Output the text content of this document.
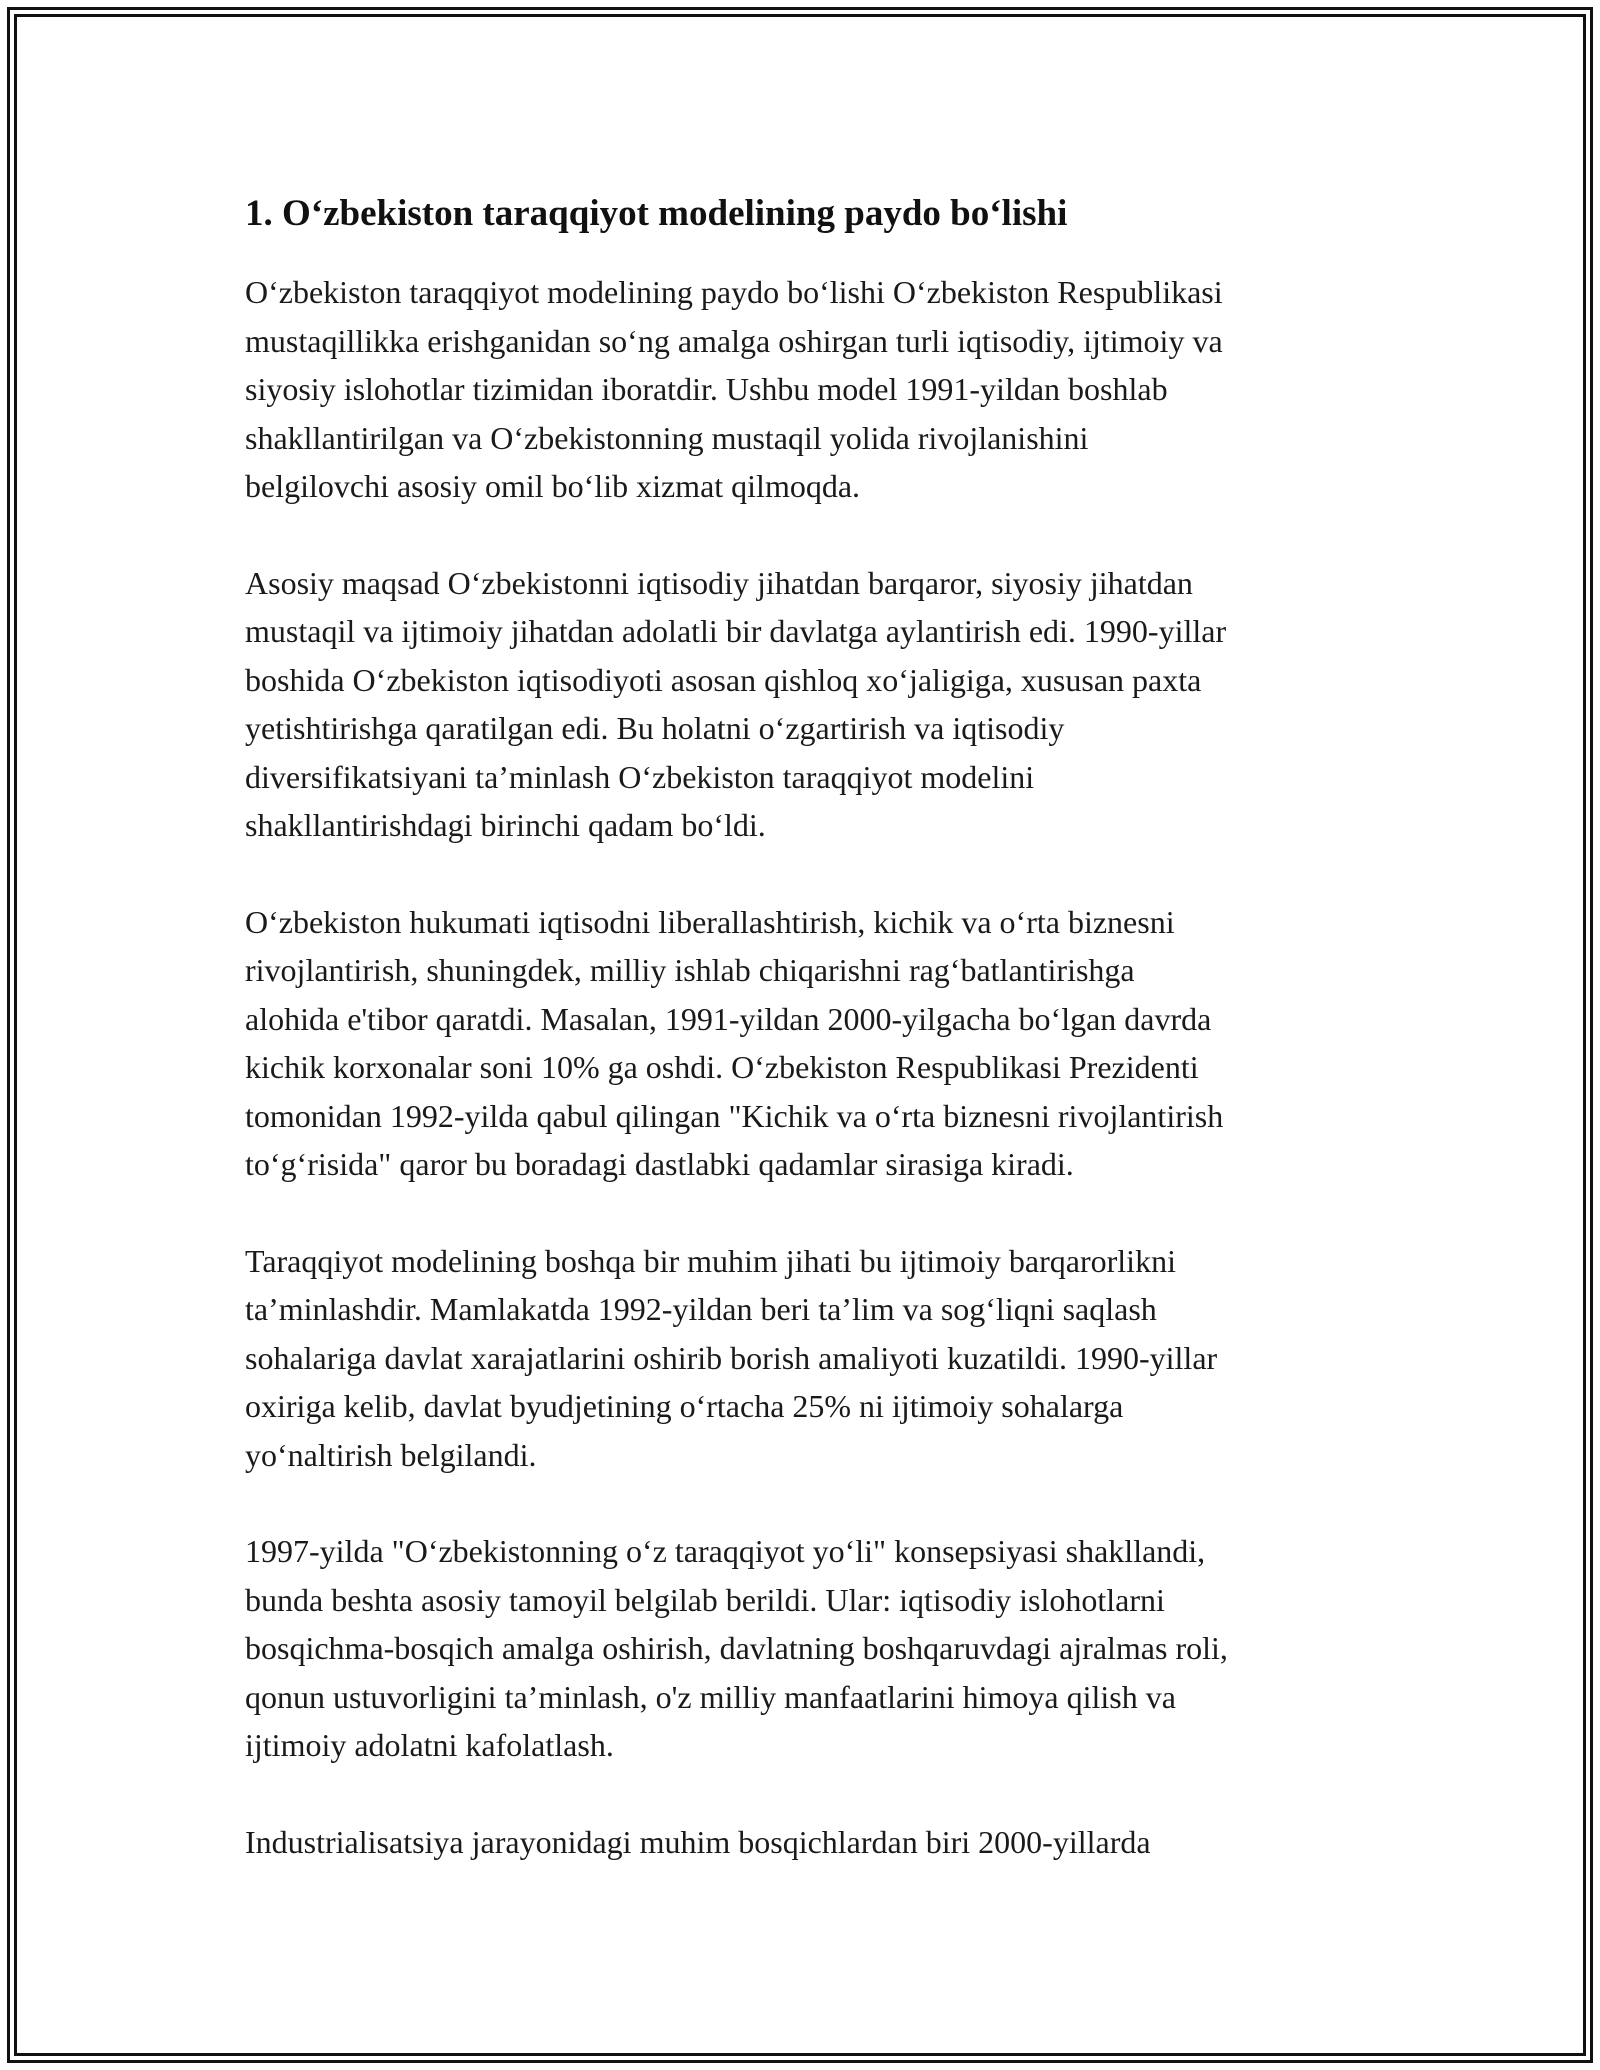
1. Oʻzbekiston taraqqiyot modelining paydo boʻlishi

Oʻzbekiston taraqqiyot modelining paydo boʻlishi Oʻzbekiston Respublikasi
mustaqillikka erishganidan soʻng amalga oshirgan turli iqtisodiy, ijtimoiy va
siyosiy islohotlar tizimidan iboratdir. Ushbu model 1991-yildan boshlab
shakllantirilgan va Oʻzbekistonning mustaqil yolida rivojlanishini
belgilovchi asosiy omil boʻlib xizmat qilmoqda.

Asosiy maqsad Oʻzbekistonni iqtisodiy jihatdan barqaror, siyosiy jihatdan
mustaqil va ijtimoiy jihatdan adolatli bir davlatga aylantirish edi. 1990-yillar
boshida Oʻzbekiston iqtisodiyoti asosan qishloq xoʻjaligiga, xususan paxta
yetishtirishga qaratilgan edi. Bu holatni oʻzgartirish va iqtisodiy
diversifikatsiyani taʼminlash Oʻzbekiston taraqqiyot modelini
shakllantirishdagi birinchi qadam boʻldi.

Oʻzbekiston hukumati iqtisodni liberallashtirish, kichik va oʻrta biznesni
rivojlantirish, shuningdek, milliy ishlab chiqarishni ragʻbatlantirishga
alohida e'tibor qaratdi. Masalan, 1991-yildan 2000-yilgacha boʻlgan davrda
kichik korxonalar soni 10% ga oshdi. Oʻzbekiston Respublikasi Prezidenti
tomonidan 1992-yilda qabul qilingan "Kichik va oʻrta biznesni rivojlantirish
toʻgʻrisida" qaror bu boradagi dastlabki qadamlar sirasiga kiradi.

Taraqqiyot modelining boshqa bir muhim jihati bu ijtimoiy barqarorlikni
taʼminlashdir. Mamlakatda 1992-yildan beri taʼlim va sogʻliqni saqlash
sohalariga davlat xarajatlarini oshirib borish amaliyoti kuzatildi. 1990-yillar
oxiriga kelib, davlat byudjetining oʻrtacha 25% ni ijtimoiy sohalarga
yoʻnaltirish belgilandi.

1997-yilda "Oʻzbekistonning oʻz taraqqiyot yoʻli" konsepsiyasi shakllandi,
bunda beshta asosiy tamoyil belgilab berildi. Ular: iqtisodiy islohotlarni
bosqichma-bosqich amalga oshirish, davlatning boshqaruvdagi ajralmas roli,
qonun ustuvorligini taʼminlash, o'z milliy manfaatlarini himoya qilish va
ijtimoiy adolatni kafolatlash.

Industrialisatsiya jarayonidagi muhim bosqichlardan biri 2000-yillarda
